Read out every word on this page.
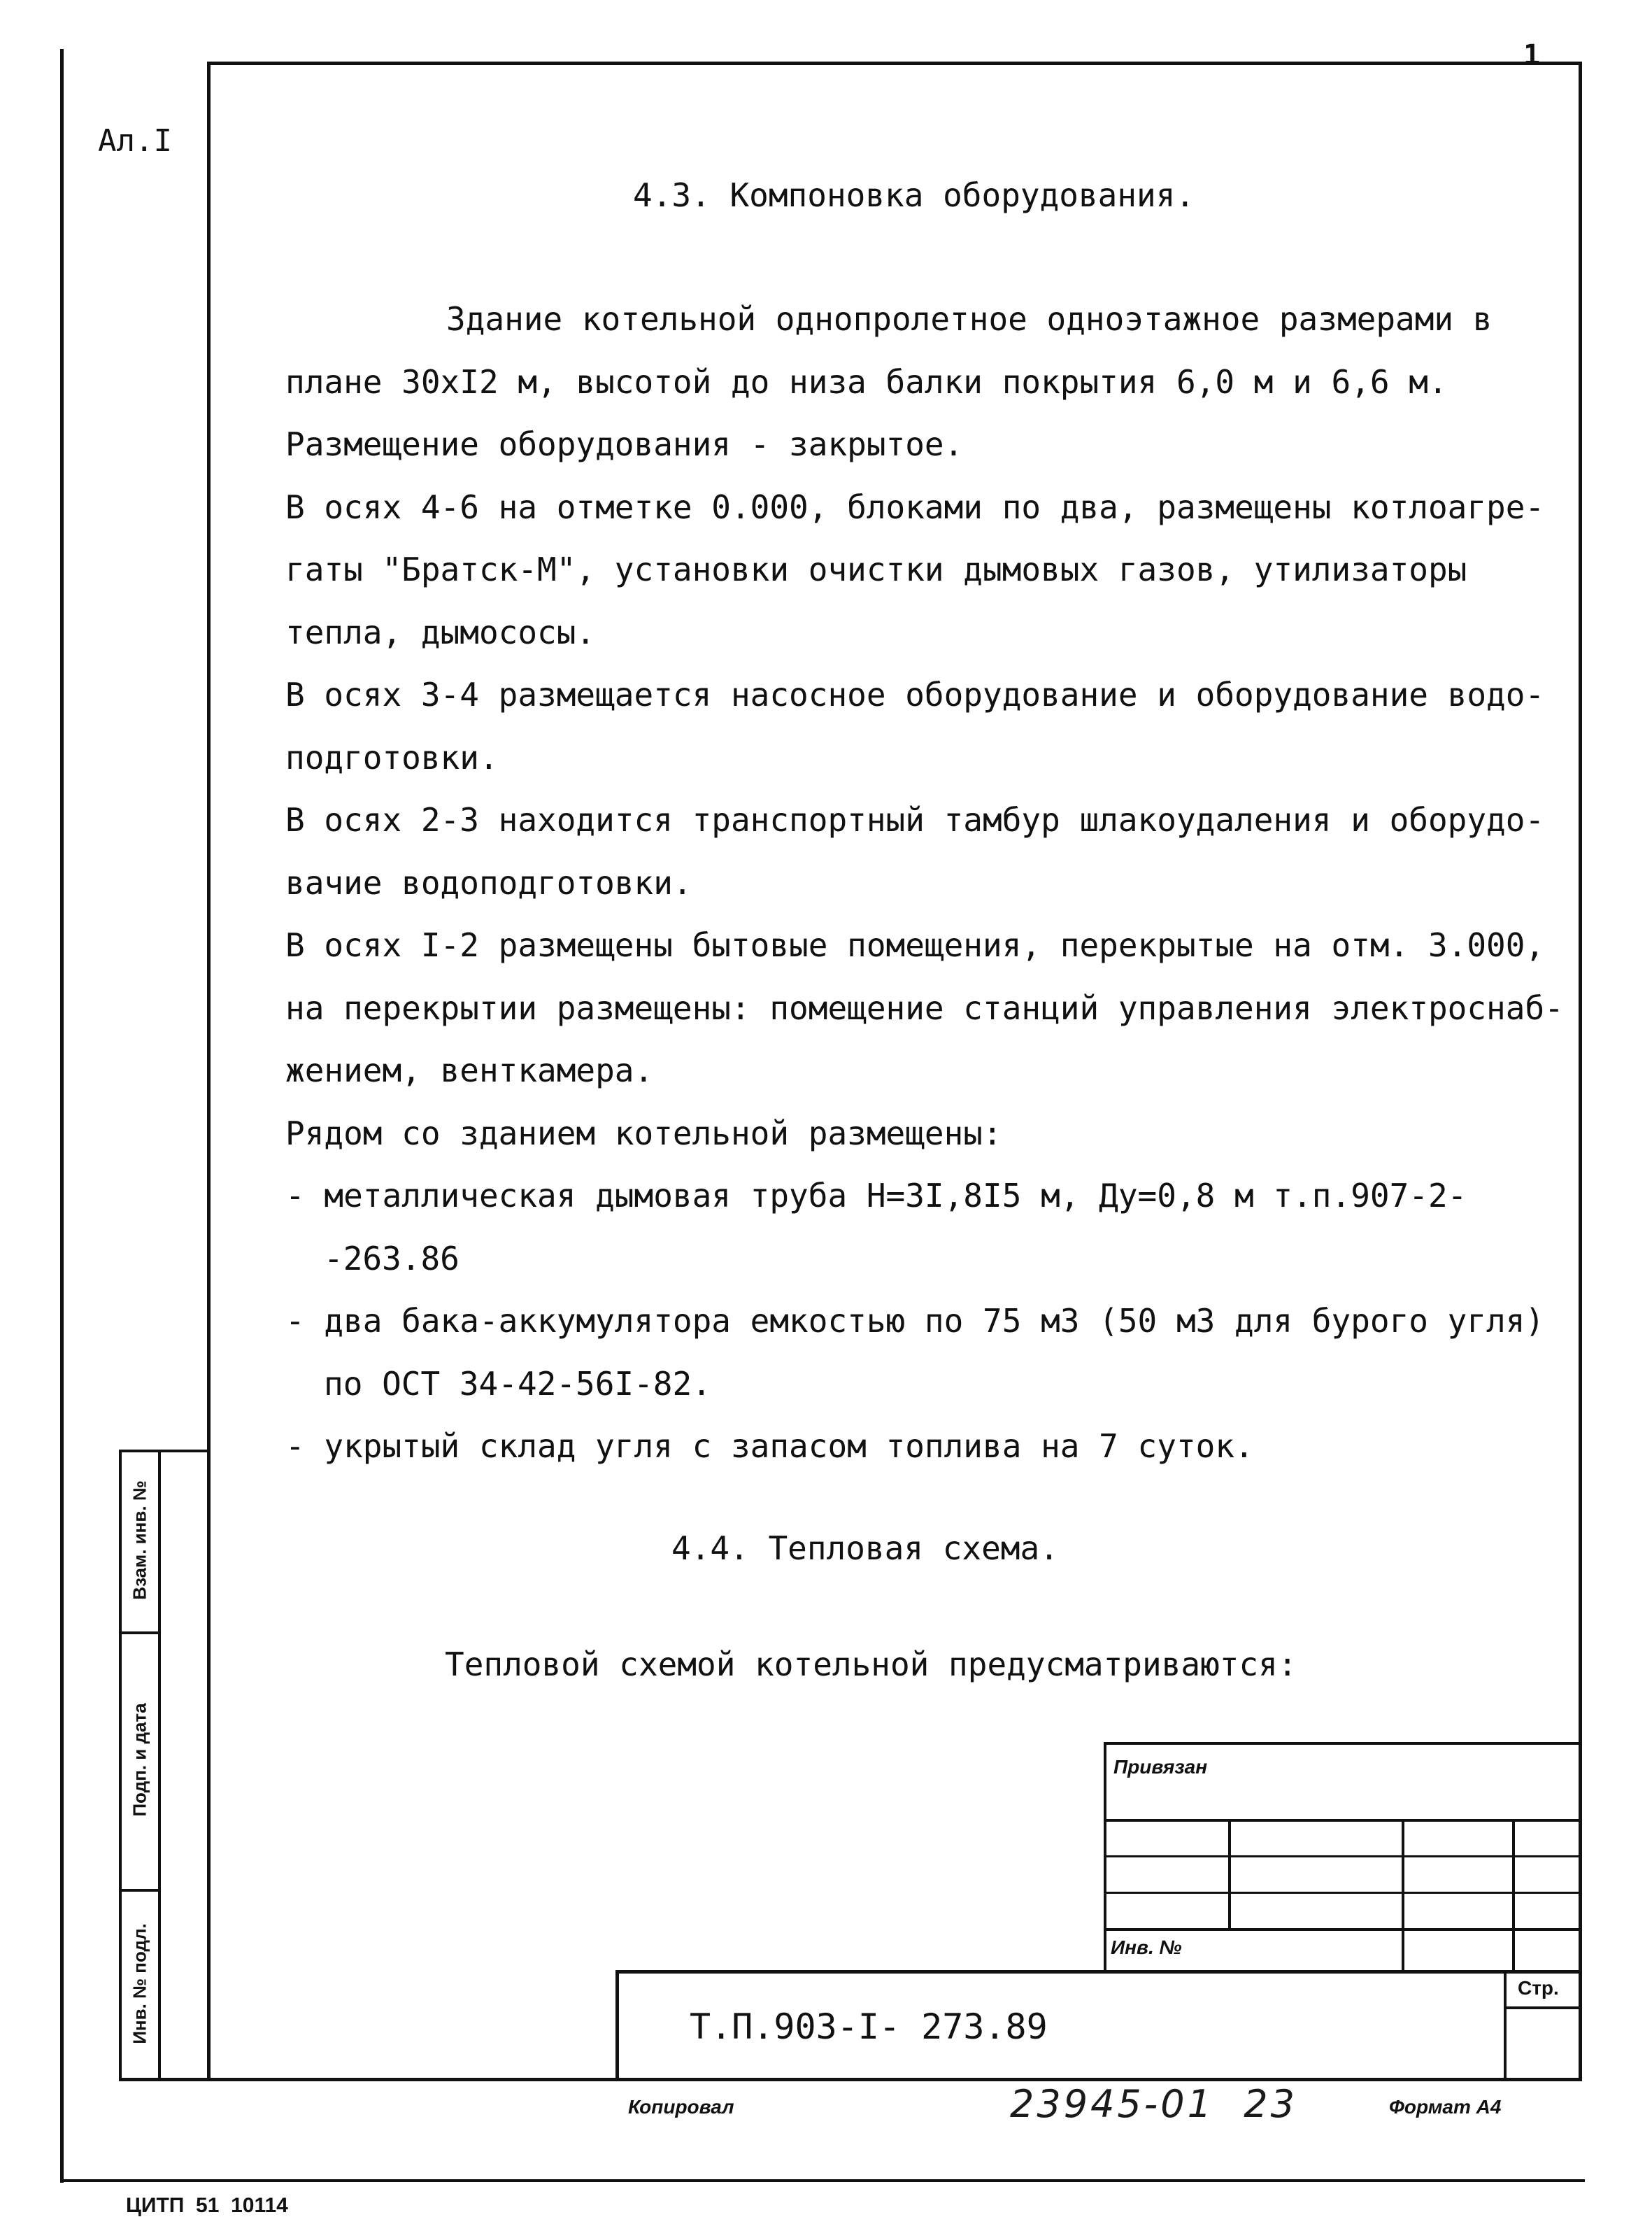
Ал.I
1
4.3. Компоновка оборудования.
Здание котельной однопролетное одноэтажное размерами в
плане 30xI2 м, высотой до низа балки покрытия 6,0 м и 6,6 м.
Размещение оборудования - закрытое.
В осях 4-6 на отметке 0.000, блоками по два, размещены котлоагре-
гаты "Братск-М", установки очистки дымовых газов, утилизаторы
тепла, дымососы.
В осях 3-4 размещается насосное оборудование и оборудование водо-
подготовки.
В осях 2-3 находится транспортный тамбур шлакоудаления и оборудо-
вачие водоподготовки.
В осях I-2 размещены бытовые помещения, перекрытые на отм. 3.000,
на перекрытии размещены: помещение станций управления электроснаб-
жением, венткамера.
Рядом со зданием котельной размещены:
- металлическая дымовая труба Н=3I,8I5 м, Ду=0,8 м т.п.907-2-
-263.86
- два бака-аккумулятора емкостью по 75 м3 (50 м3 для бурого угля)
по ОСТ 34-42-56I-82.
- укрытый склад угля с запасом топлива на 7 суток.
4.4. Тепловая схема.
Тепловой схемой котельной предусматриваются:
Взам. инв. №
Подп. и дата
Инв. № подл.
Привязан
Инв. №
Стр.
Т.П.903-I- 273.89
Копировал	23945-01  23	Формат А4
ЦИТП  51  10114
